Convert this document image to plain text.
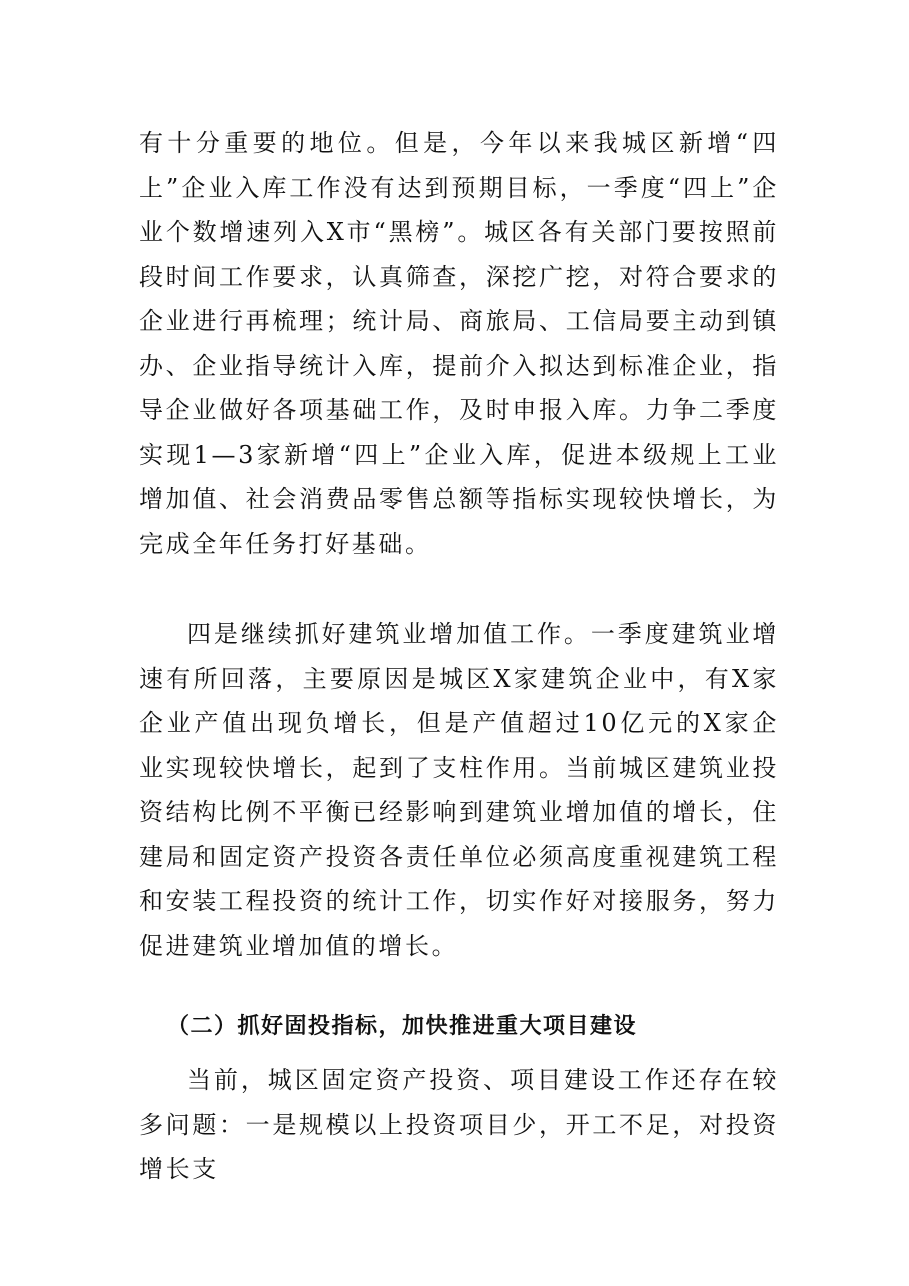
有十分重要的地位。但是，今年以来我城区新增“四上”企业入库工作没有达到预期目标，一季度“四上”企业个数增速列入X市“黑榜”。城区各有关部门要按照前段时间工作要求，认真筛查，深挖广挖，对符合要求的企业进行再梳理；统计局、商旅局、工信局要主动到镇办、企业指导统计入库，提前介入拟达到标准企业，指导企业做好各项基础工作，及时申报入库。力争二季度实现1—3家新增“四上”企业入库，促进本级规上工业增加值、社会消费品零售总额等指标实现较快增长，为完成全年任务打好基础。

四是继续抓好建筑业增加值工作。一季度建筑业增速有所回落，主要原因是城区X家建筑企业中，有X家企业产值出现负增长，但是产值超过10亿元的X家企业实现较快增长，起到了支柱作用。当前城区建筑业投资结构比例不平衡已经影响到建筑业增加值的增长，住建局和固定资产投资各责任单位必须高度重视建筑工程和安装工程投资的统计工作，切实作好对接服务，努力促进建筑业增加值的增长。

（二）抓好固投指标，加快推进重大项目建设

当前，城区固定资产投资、项目建设工作还存在较多问题：一是规模以上投资项目少，开工不足，对投资增长支
